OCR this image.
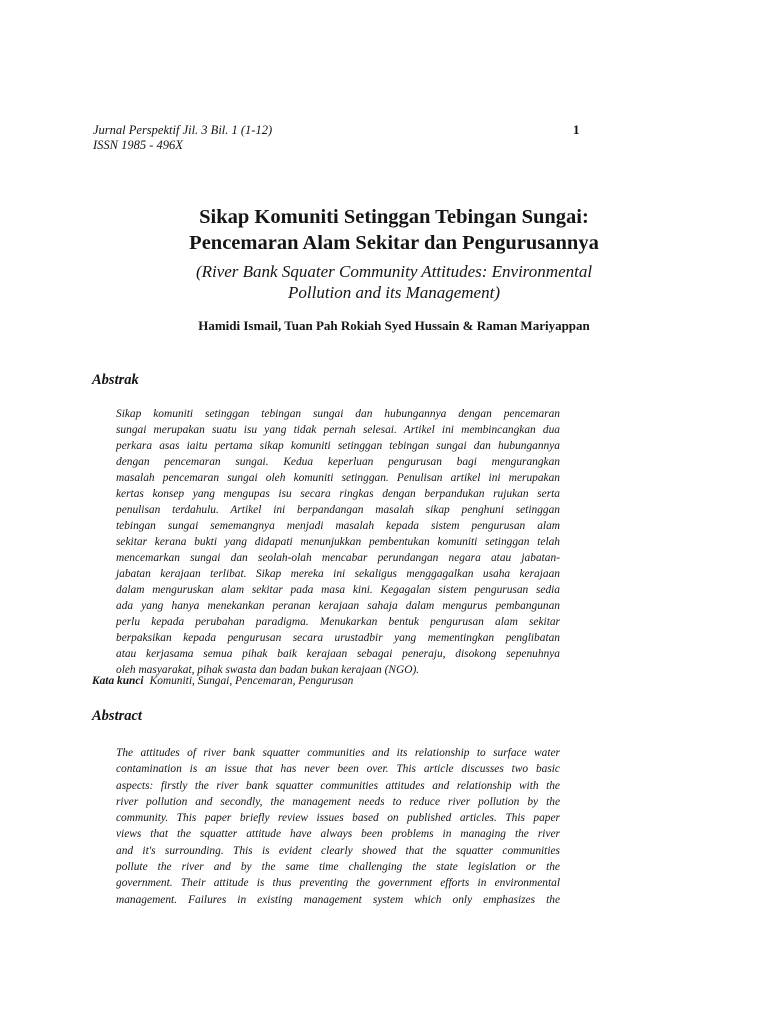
Jurnal Perspektif Jil. 3 Bil. 1 (1-12)
ISSN 1985 - 496X
1
Sikap Komuniti Setinggan Tebingan Sungai:
Pencemaran Alam Sekitar dan Pengurusannya
(River Bank Squater Community Attitudes: Environmental
Pollution and its Management)
Hamidi Ismail, Tuan Pah Rokiah Syed Hussain & Raman Mariyappan
Abstrak
Sikap komuniti setinggan tebingan sungai dan hubungannya dengan pencemaran
sungai merupakan suatu isu yang tidak pernah selesai. Artikel ini membincangkan dua
perkara asas iaitu pertama sikap komuniti setinggan tebingan sungai dan hubungannya
dengan pencemaran sungai. Kedua keperluan pengurusan bagi mengurangkan
masalah pencemaran sungai oleh komuniti setinggan. Penulisan artikel ini merupakan
kertas konsep yang mengupas isu secara ringkas dengan berpandukan rujukan serta
penulisan terdahulu. Artikel ini berpandangan masalah sikap penghuni setinggan
tebingan sungai sememangnya menjadi masalah kepada sistem pengurusan alam
sekitar kerana bukti yang didapati menunjukkan pembentukan komuniti setinggan telah
mencemarkan sungai dan seolah-olah mencabar perundangan negara atau jabatan-
jabatan kerajaan terlibat. Sikap mereka ini sekaligus menggagalkan usaha kerajaan
dalam menguruskan alam sekitar pada masa kini. Kegagalan sistem pengurusan sedia
ada yang hanya menekankan peranan kerajaan sahaja dalam mengurus pembangunan
perlu kepada perubahan paradigma. Menukarkan bentuk pengurusan alam sekitar
berpaksikan kepada pengurusan secara urustadbir yang mementingkan penglibatan
atau kerjasama semua pihak baik kerajaan sebagai peneraju, disokong sepenuhnya
oleh masyarakat, pihak swasta dan badan bukan kerajaan (NGO).
Kata kunci Komuniti, Sungai, Pencemaran, Pengurusan
Abstract
The attitudes of river bank squatter communities and its relationship to surface water
contamination is an issue that has never been over. This article discusses two basic
aspects: firstly the river bank squatter communities attitudes and relationship with the
river pollution and secondly, the management needs to reduce river pollution by the
community. This paper briefly review issues based on published articles. This paper
views that the squatter attitude have always been problems in managing the river
and it's surrounding. This is evident clearly showed that the squatter communities
pollute the river and by the same time challenging the state legislation or the
government. Their attitude is thus preventing the government efforts in environmental
management. Failures in existing management system which only emphasizes the
